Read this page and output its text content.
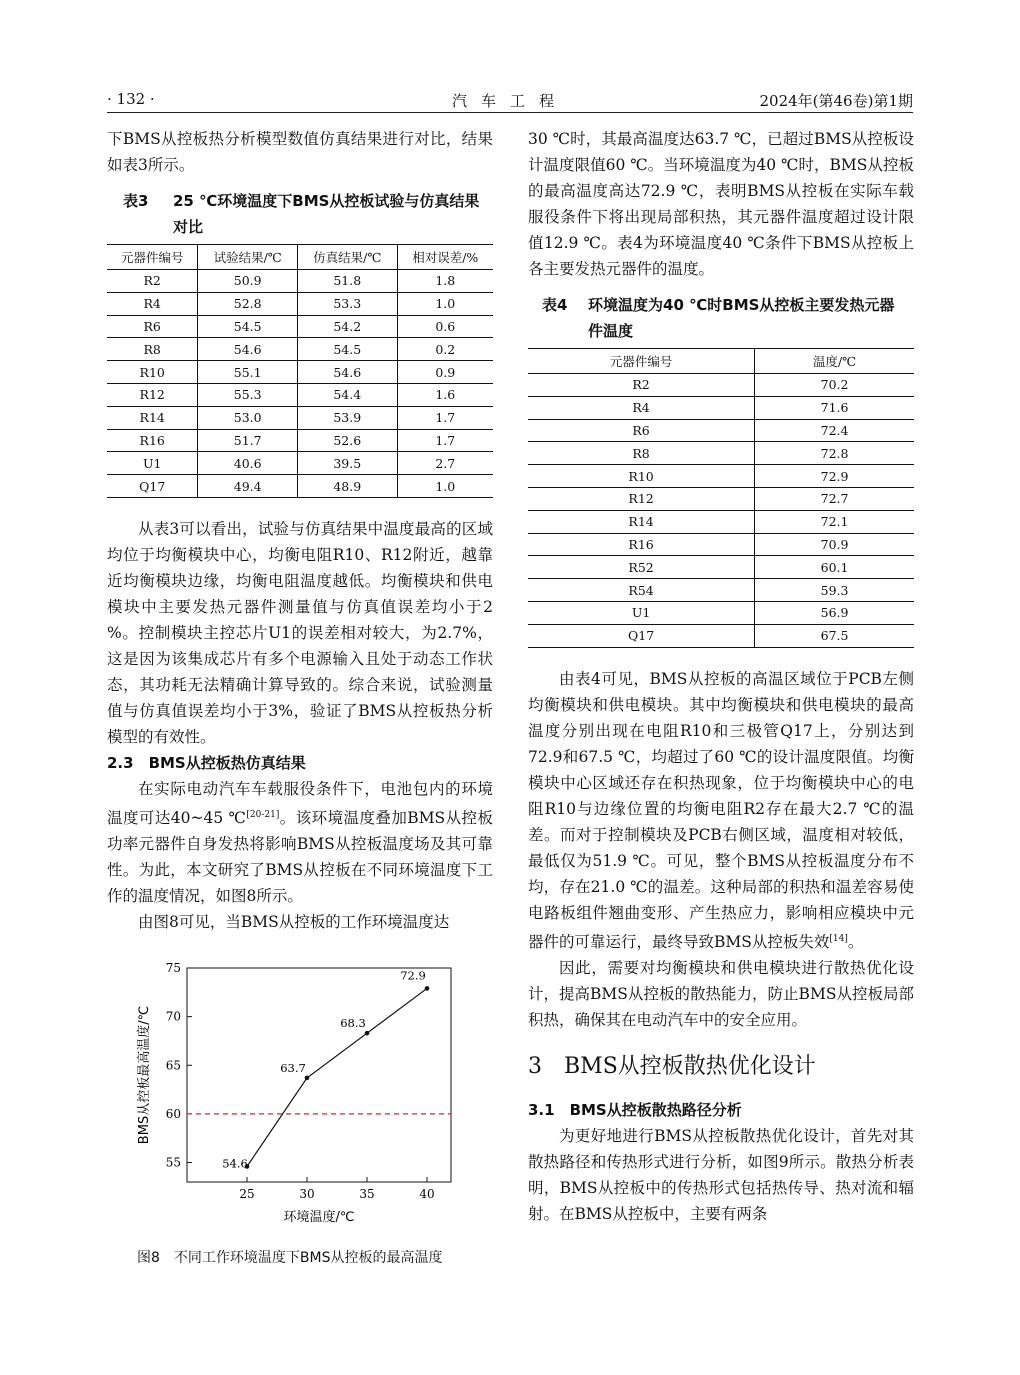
· 132 ·	汽车工程	2024年(第46卷)第1期

下BMS从控板热分析模型数值仿真结果进行对比，结果如表3所示。

表3 25 ℃环境温度下BMS从控板试验与仿真结果对比

元器件编号	试验结果/℃	仿真结果/℃	相对误差/%
R2	50.9	51.8	1.8
R4	52.8	53.3	1.0
R6	54.5	54.2	0.6
R8	54.6	54.5	0.2
R10	55.1	54.6	0.9
R12	55.3	54.4	1.6
R14	53.0	53.9	1.7
R16	51.7	52.6	1.7
U1	40.6	39.5	2.7
Q17	49.4	48.9	1.0

从表3可以看出，试验与仿真结果中温度最高的区域均位于均衡模块中心，均衡电阻R10、R12附近，越靠近均衡模块边缘，均衡电阻温度越低。均衡模块和供电模块中主要发热元器件测量值与仿真值误差均小于2 %。控制模块主控芯片U1的误差相对较大，为2.7%，这是因为该集成芯片有多个电源输入且处于动态工作状态，其功耗无法精确计算导致的。综合来说，试验测量值与仿真值误差均小于3%，验证了BMS从控板热分析模型的有效性。

2.3　BMS从控板热仿真结果

在实际电动汽车车载服役条件下，电池包内的环境温度可达40~45 ℃[20-21]。该环境温度叠加BMS从控板功率元器件自身发热将影响BMS从控板温度场及其可靠性。为此，本文研究了BMS从控板在不同环境温度下工作的温度情况，如图8所示。

由图8可见，当BMS从控板的工作环境温度达

25	30	35	40
55
60
65
70
75
54.6
63.7
68.3
72.9
环境温度/℃
BMS从控板最高温度/℃
图8　不同工作环境温度下BMS从控板的最高温度

30 ℃时，其最高温度达63.7 ℃，已超过BMS从控板设计温度限值60 ℃。当环境温度为40 ℃时，BMS从控板的最高温度高达72.9 ℃，表明BMS从控板在实际车载服役条件下将出现局部积热，其元器件温度超过设计限值12.9 ℃。表4为环境温度40 ℃条件下BMS从控板上各主要发热元器件的温度。

表4 环境温度为40 ℃时BMS从控板主要发热元器件温度

元器件编号	温度/℃
R2	70.2
R4	71.6
R6	72.4
R8	72.8
R10	72.9
R12	72.7
R14	72.1
R16	70.9
R52	60.1
R54	59.3
U1	56.9
Q17	67.5

由表4可见，BMS从控板的高温区域位于PCB左侧均衡模块和供电模块。其中均衡模块和供电模块的最高温度分别出现在电阻R10和三极管Q17上，分别达到72.9和67.5 ℃，均超过了60 ℃的设计温度限值。均衡模块中心区域还存在积热现象，位于均衡模块中心的电阻R10与边缘位置的均衡电阻R2存在最大2.7 ℃的温差。而对于控制模块及PCB右侧区域，温度相对较低，最低仅为51.9 ℃。可见，整个BMS从控板温度分布不均，存在21.0 ℃的温差。这种局部的积热和温差容易使电路板组件翘曲变形、产生热应力，影响相应模块中元器件的可靠运行，最终导致BMS从控板失效[14]。

因此，需要对均衡模块和供电模块进行散热优化设计，提高BMS从控板的散热能力，防止BMS从控板局部积热，确保其在电动汽车中的安全应用。

3　BMS从控板散热优化设计

3.1　BMS从控板散热路径分析

为更好地进行BMS从控板散热优化设计，首先对其散热路径和传热形式进行分析，如图9所示。散热分析表明，BMS从控板中的传热形式包括热传导、热对流和辐射。在BMS从控板中，主要有两条
